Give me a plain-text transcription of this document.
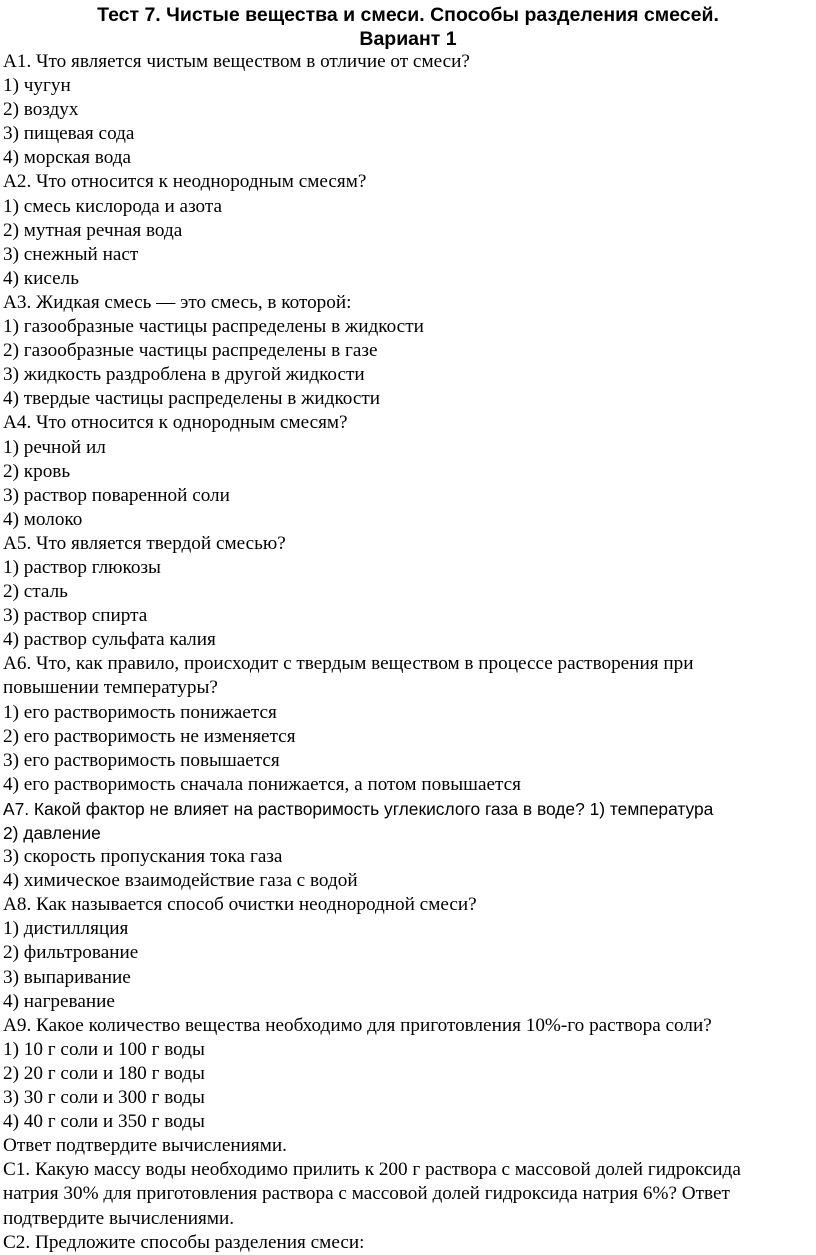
Тест 7. Чистые вещества и смеси. Способы разделения смесей.
Вариант 1
А1. Что является чистым веществом в отличие от смеси?
1) чугун
2) воздух
3) пищевая сода
4) морская вода
А2. Что относится к неоднородным смесям?
1) смесь кислорода и азота
2) мутная речная вода
3) снежный наст
4) кисель
А3. Жидкая смесь — это смесь, в которой:
1) газообразные частицы распределены в жидкости
2) газообразные частицы распределены в газе
3) жидкость раздроблена в другой жидкости
4) твердые частицы распределены в жидкости
А4. Что относится к однородным смесям?
1) речной ил
2) кровь
3) раствор поваренной соли
4) молоко
А5. Что является твердой смесью?
1) раствор глюкозы
2) сталь
3) раствор спирта
4) раствор сульфата калия
А6. Что, как правило, происходит с твердым веществом в процессе растворения при
повышении температуры?
1) его растворимость понижается
2) его растворимость не изменяется
3) его растворимость повышается
4) его растворимость сначала понижается, а потом повышается
А7. Какой фактор не влияет на растворимость углекислого газа в воде? 1) температура
2) давление
3) скорость пропускания тока газа
4) химическое взаимодействие газа с водой
А8. Как называется способ очистки неоднородной смеси?
1) дистилляция
2) фильтрование
3) выпаривание
4) нагревание
А9. Какое количество вещества необходимо для приготовления 10%-го раствора соли?
1) 10 г соли и 100 г воды
2) 20 г соли и 180 г воды
3) 30 г соли и 300 г воды
4) 40 г соли и 350 г воды
Ответ подтвердите вычислениями.
С1. Какую массу воды необходимо прилить к 200 г раствора с массовой долей гидроксида
натрия 30% для приготовления раствора с массовой долей гидроксида натрия 6%? Ответ
подтвердите вычислениями.
С2. Предложите способы разделения смеси:
